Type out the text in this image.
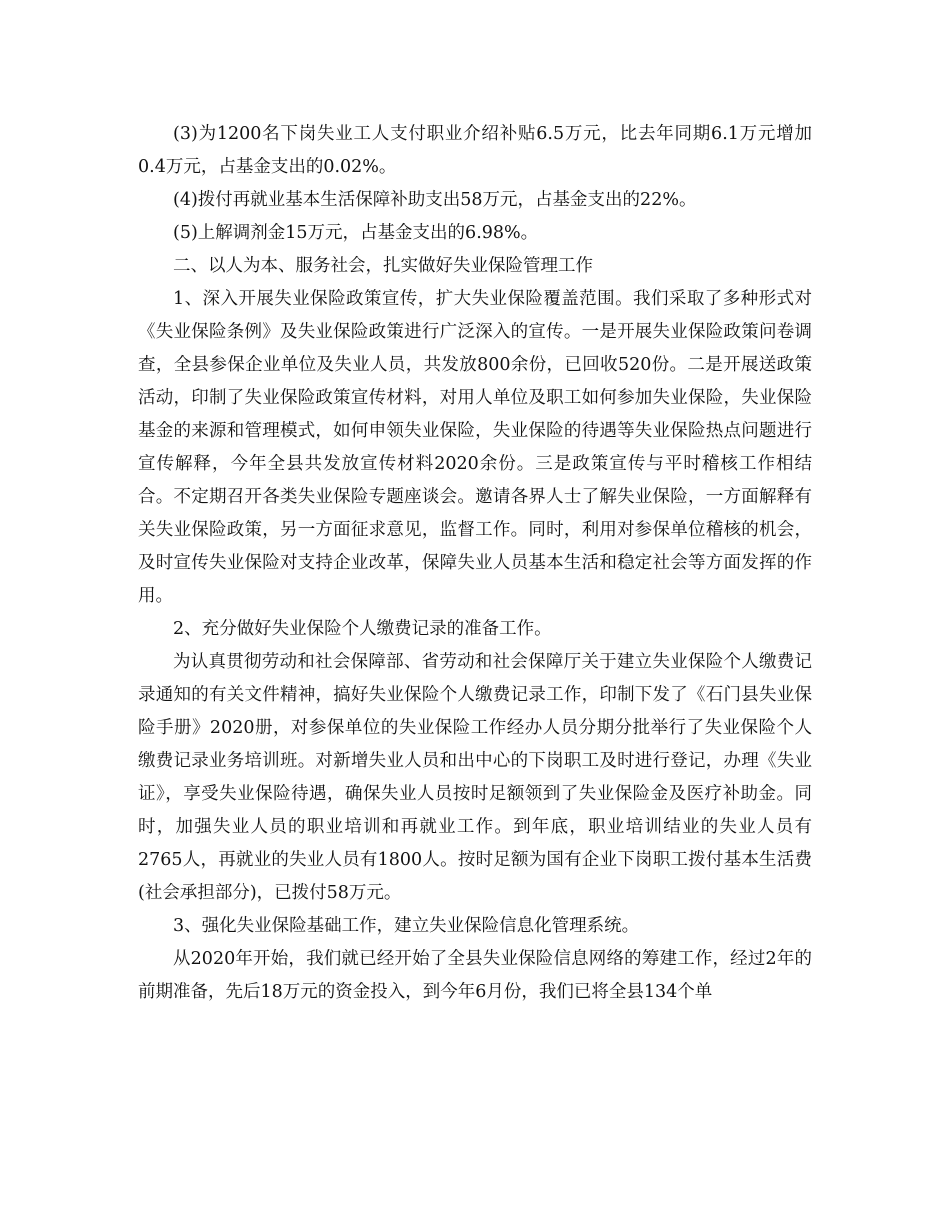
(3)为1200名下岗失业工人支付职业介绍补贴6.5万元，比去年同期6.1万元增加0.4万元，占基金支出的0.02%。

(4)拨付再就业基本生活保障补助支出58万元，占基金支出的22%。

(5)上解调剂金15万元，占基金支出的6.98%。

二、以人为本、服务社会，扎实做好失业保险管理工作

1、深入开展失业保险政策宣传，扩大失业保险覆盖范围。我们采取了多种形式对《失业保险条例》及失业保险政策进行广泛深入的宣传。一是开展失业保险政策问卷调查，全县参保企业单位及失业人员，共发放800余份，已回收520份。二是开展送政策活动，印制了失业保险政策宣传材料，对用人单位及职工如何参加失业保险，失业保险基金的来源和管理模式，如何申领失业保险，失业保险的待遇等失业保险热点问题进行宣传解释，今年全县共发放宣传材料2020余份。三是政策宣传与平时稽核工作相结合。不定期召开各类失业保险专题座谈会。邀请各界人士了解失业保险，一方面解释有关失业保险政策，另一方面征求意见，监督工作。同时，利用对参保单位稽核的机会，及时宣传失业保险对支持企业改革，保障失业人员基本生活和稳定社会等方面发挥的作用。

2、充分做好失业保险个人缴费记录的准备工作。

为认真贯彻劳动和社会保障部、省劳动和社会保障厅关于建立失业保险个人缴费记录通知的有关文件精神，搞好失业保险个人缴费记录工作，印制下发了《石门县失业保险手册》2020册，对参保单位的失业保险工作经办人员分期分批举行了失业保险个人缴费记录业务培训班。对新增失业人员和出中心的下岗职工及时进行登记，办理《失业证》，享受失业保险待遇，确保失业人员按时足额领到了失业保险金及医疗补助金。同时，加强失业人员的职业培训和再就业工作。到年底，职业培训结业的失业人员有2765人，再就业的失业人员有1800人。按时足额为国有企业下岗职工拨付基本生活费(社会承担部分)，已拨付58万元。

3、强化失业保险基础工作，建立失业保险信息化管理系统。

从2020年开始，我们就已经开始了全县失业保险信息网络的筹建工作，经过2年的前期准备，先后18万元的资金投入，到今年6月份，我们已将全县134个单
